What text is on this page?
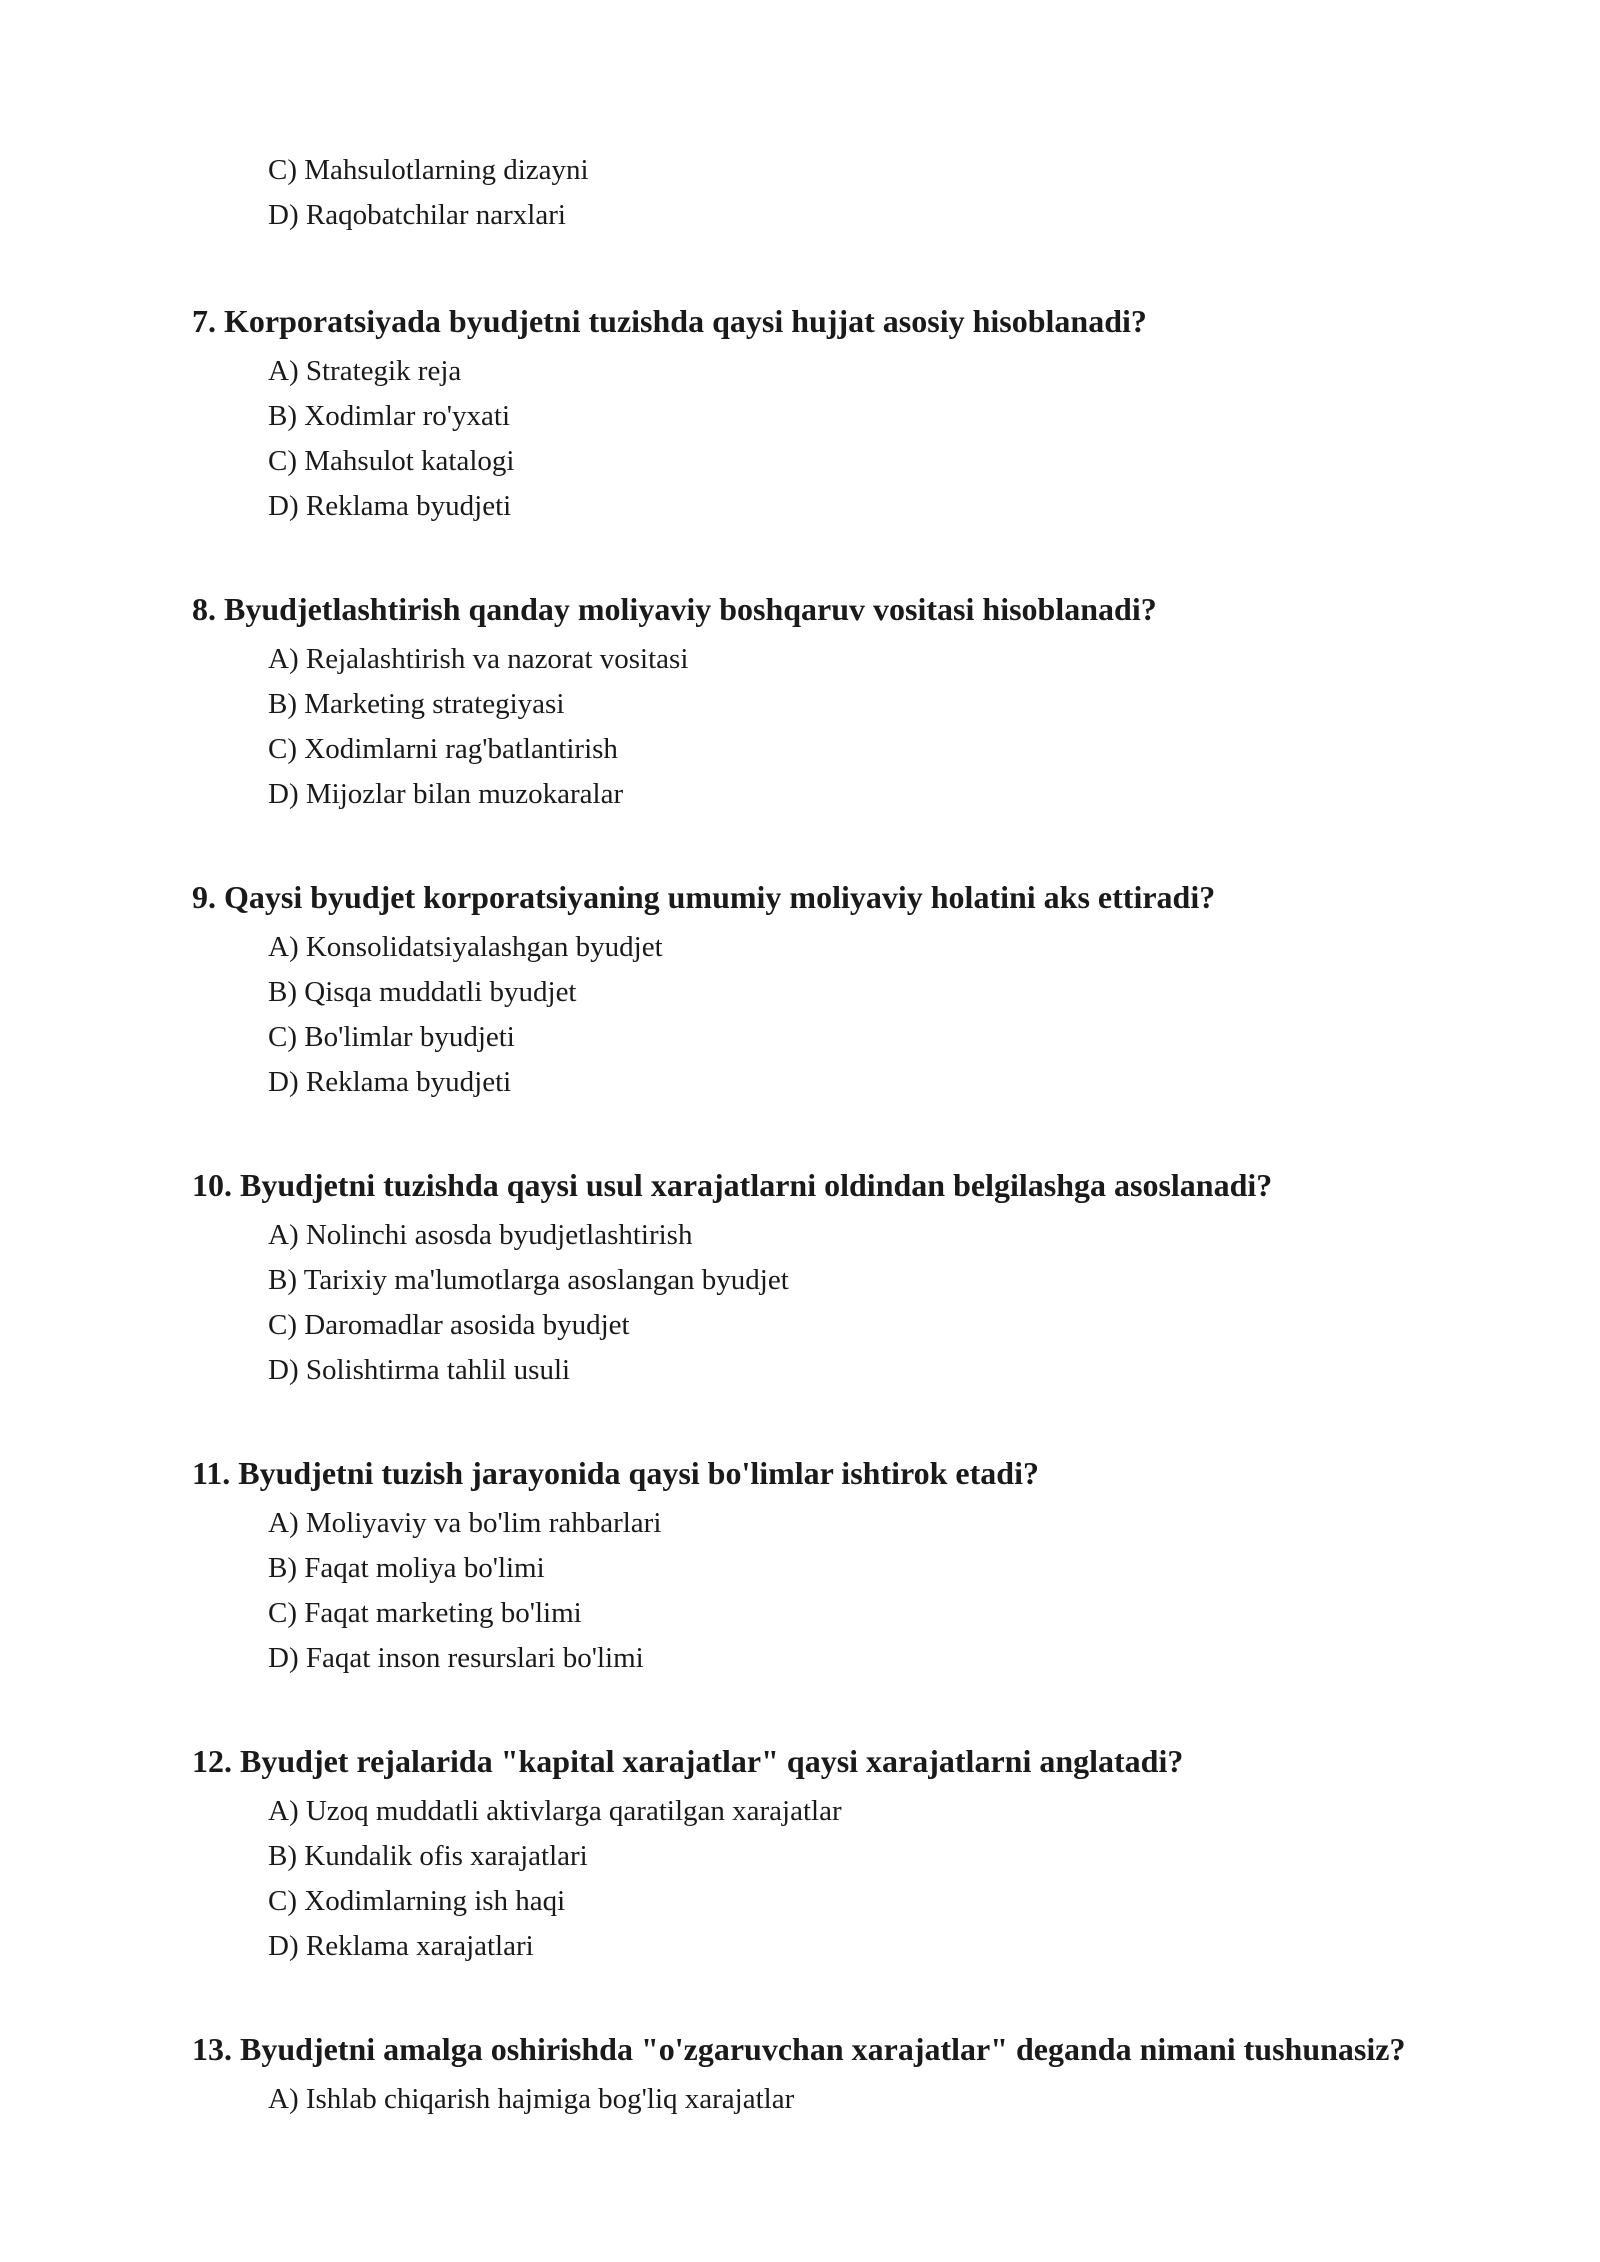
C) Mahsulotlarning dizayni
D) Raqobatchilar narxlari
7. Korporatsiyada byudjetni tuzishda qaysi hujjat asosiy hisoblanadi?
A) Strategik reja
B) Xodimlar ro'yxati
C) Mahsulot katalogi
D) Reklama byudjeti
8. Byudjetlashtirish qanday moliyaviy boshqaruv vositasi hisoblanadi?
A) Rejalashtirish va nazorat vositasi
B) Marketing strategiyasi
C) Xodimlarni rag'batlantirish
D) Mijozlar bilan muzokaralar
9. Qaysi byudjet korporatsiyaning umumiy moliyaviy holatini aks ettiradi?
A) Konsolidatsiyalashgan byudjet
B) Qisqa muddatli byudjet
C) Bo'limlar byudjeti
D) Reklama byudjeti
10. Byudjetni tuzishda qaysi usul xarajatlarni oldindan belgilashga asoslanadi?
A) Nolinchi asosda byudjetlashtirish
B) Tarixiy ma'lumotlarga asoslangan byudjet
C) Daromadlar asosida byudjet
D) Solishtirma tahlil usuli
11. Byudjetni tuzish jarayonida qaysi bo'limlar ishtirok etadi?
A) Moliyaviy va bo'lim rahbarlari
B) Faqat moliya bo'limi
C) Faqat marketing bo'limi
D) Faqat inson resurslari bo'limi
12. Byudjet rejalarida "kapital xarajatlar" qaysi xarajatlarni anglatadi?
A) Uzoq muddatli aktivlarga qaratilgan xarajatlar
B) Kundalik ofis xarajatlari
C) Xodimlarning ish haqi
D) Reklama xarajatlari
13. Byudjetni amalga oshirishda "o'zgaruvchan xarajatlar" deganda nimani tushunasiz?
A) Ishlab chiqarish hajmiga bog'liq xarajatlar
